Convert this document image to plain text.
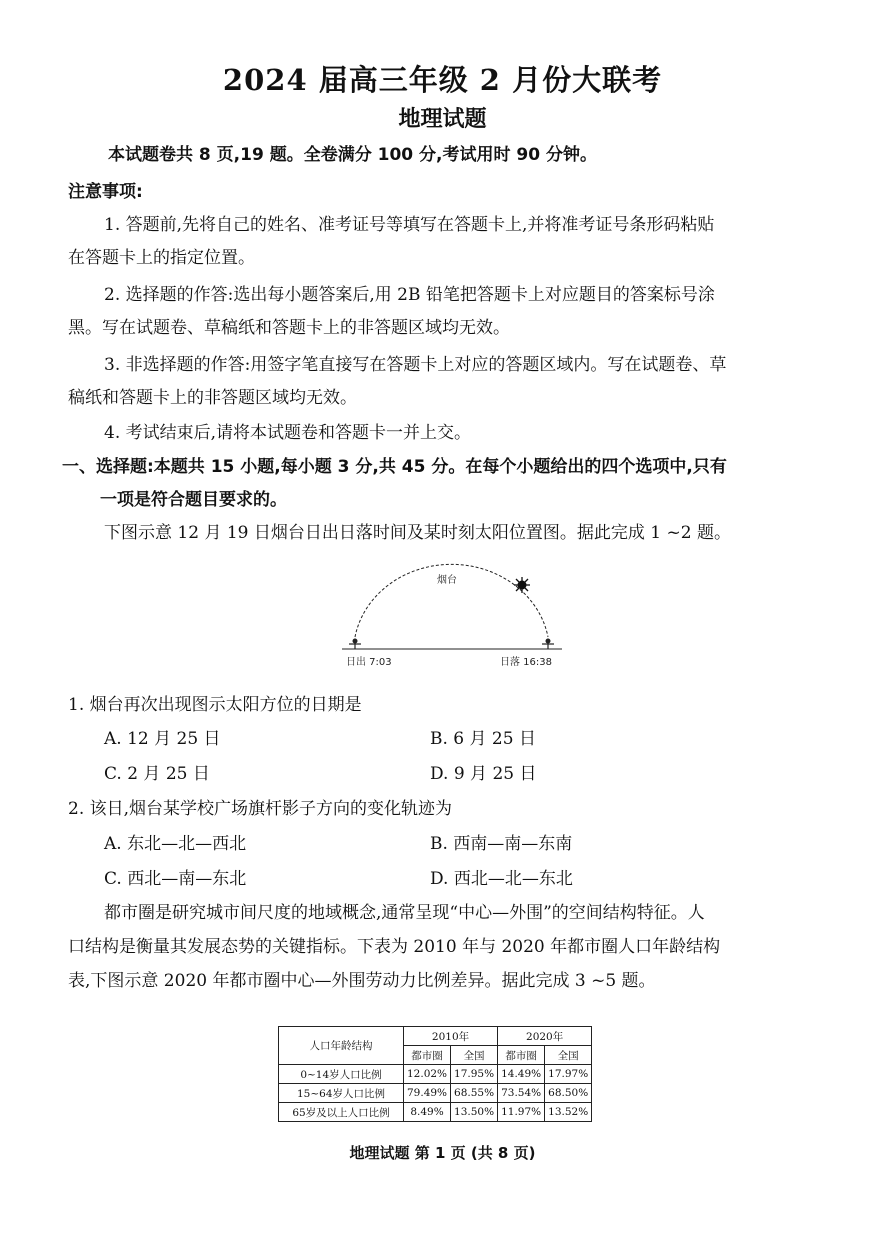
2024 届高三年级 2 月份大联考
地理试题
本试题卷共 8 页,19 题。全卷满分 100 分,考试用时 90 分钟。
注意事项:
1. 答题前,先将自己的姓名、准考证号等填写在答题卡上,并将准考证号条形码粘贴
在答题卡上的指定位置。
2. 选择题的作答:选出每小题答案后,用 2B 铅笔把答题卡上对应题目的答案标号涂
黑。写在试题卷、草稿纸和答题卡上的非答题区域均无效。
3. 非选择题的作答:用签字笔直接写在答题卡上对应的答题区域内。写在试题卷、草
稿纸和答题卡上的非答题区域均无效。
4. 考试结束后,请将本试题卷和答题卡一并上交。
一、选择题:本题共 15 小题,每小题 3 分,共 45 分。在每个小题给出的四个选项中,只有
一项是符合题目要求的。
下图示意 12 月 19 日烟台日出日落时间及某时刻太阳位置图。据此完成 1 ~2 题。
烟台
日出 7:03	日落 16:38
1. 烟台再次出现图示太阳方位的日期是
A. 12 月 25 日	B. 6 月 25 日
C. 2 月 25 日	D. 9 月 25 日
2. 该日,烟台某学校广场旗杆影子方向的变化轨迹为
A. 东北—北—西北	B. 西南—南—东南
C. 西北—南—东北	D. 西北—北—东北
都市圈是研究城市间尺度的地域概念,通常呈现“中心—外围”的空间结构特征。人
口结构是衡量其发展态势的关键指标。下表为 2010 年与 2020 年都市圈人口年龄结构
表,下图示意 2020 年都市圈中心—外围劳动力比例差异。据此完成 3 ~5 题。
人口年龄结构	2010年		2020年	
	都市圈	全国	都市圈	全国
0~14岁人口比例	12.02%	17.95%	14.49%	17.97%
15~64岁人口比例	79.49%	68.55%	73.54%	68.50%
65岁及以上人口比例	8.49%	13.50%	11.97%	13.52%
地理试题 第 1 页 (共 8 页)
